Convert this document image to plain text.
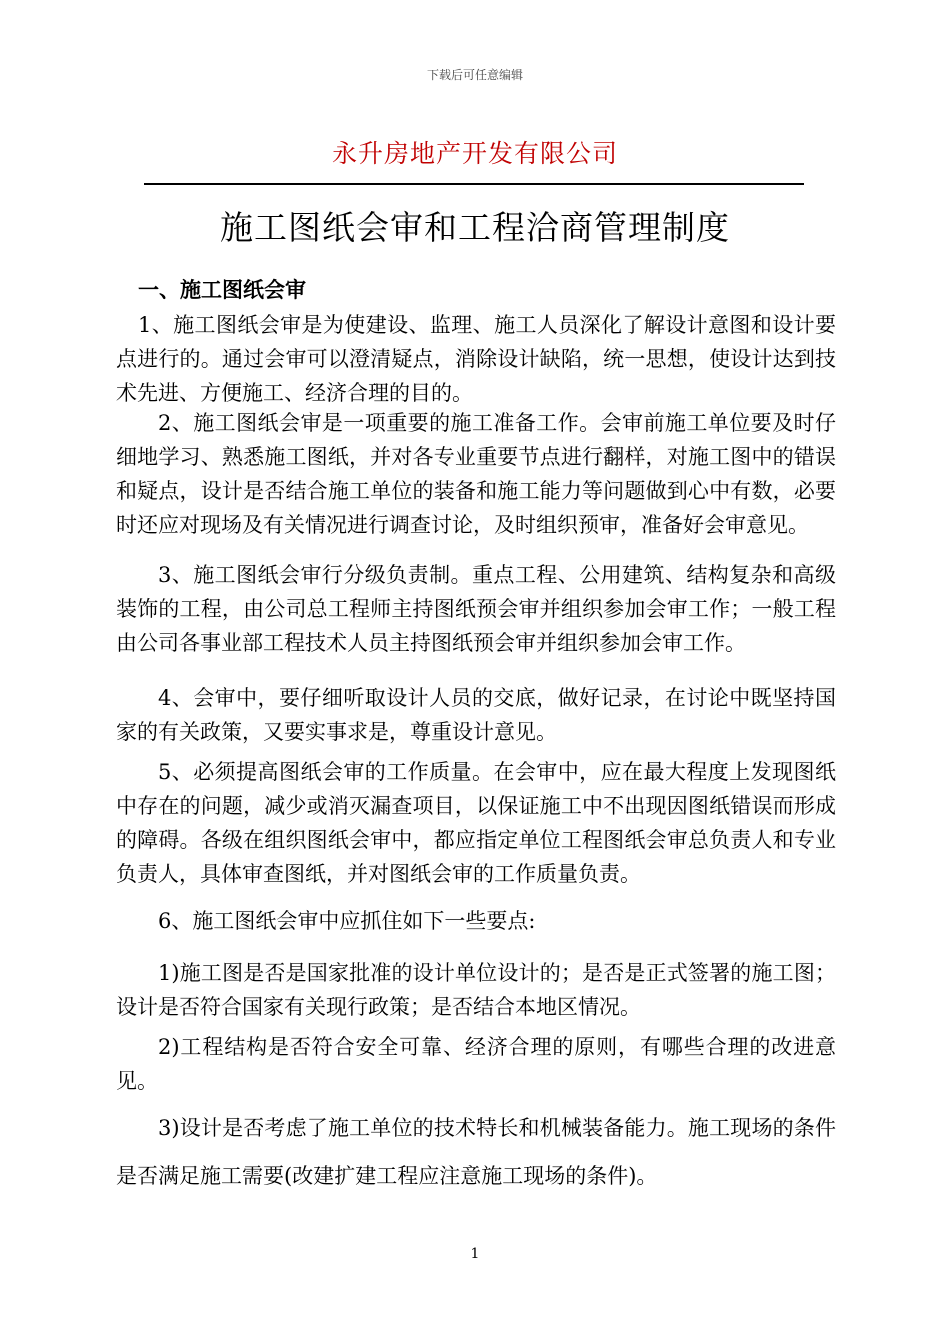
下载后可任意编辑
永升房地产开发有限公司
施工图纸会审和工程洽商管理制度
一、施工图纸会审
1、施工图纸会审是为使建设、监理、施工人员深化了解设计意图和设计要点进行的。通过会审可以澄清疑点，消除设计缺陷，统一思想，使设计达到技术先进、方便施工、经济合理的目的。
2、施工图纸会审是一项重要的施工准备工作。会审前施工单位要及时仔细地学习、熟悉施工图纸，并对各专业重要节点进行翻样，对施工图中的错误和疑点，设计是否结合施工单位的装备和施工能力等问题做到心中有数，必要时还应对现场及有关情况进行调查讨论，及时组织预审，准备好会审意见。
3、施工图纸会审行分级负责制。重点工程、公用建筑、结构复杂和高级装饰的工程，由公司总工程师主持图纸预会审并组织参加会审工作；一般工程由公司各事业部工程技术人员主持图纸预会审并组织参加会审工作。
4、会审中，要仔细听取设计人员的交底，做好记录，在讨论中既坚持国家的有关政策，又要实事求是，尊重设计意见。
5、必须提高图纸会审的工作质量。在会审中，应在最大程度上发现图纸中存在的问题，减少或消灭漏查项目，以保证施工中不出现因图纸错误而形成的障碍。各级在组织图纸会审中，都应指定单位工程图纸会审总负责人和专业负责人，具体审查图纸，并对图纸会审的工作质量负责。
6、施工图纸会审中应抓住如下一些要点:
1)施工图是否是国家批准的设计单位设计的；是否是正式签署的施工图；设计是否符合国家有关现行政策；是否结合本地区情况。
2)工程结构是否符合安全可靠、经济合理的原则，有哪些合理的改进意见。
3)设计是否考虑了施工单位的技术特长和机械装备能力。施工现场的条件是否满足施工需要(改建扩建工程应注意施工现场的条件)。
1
